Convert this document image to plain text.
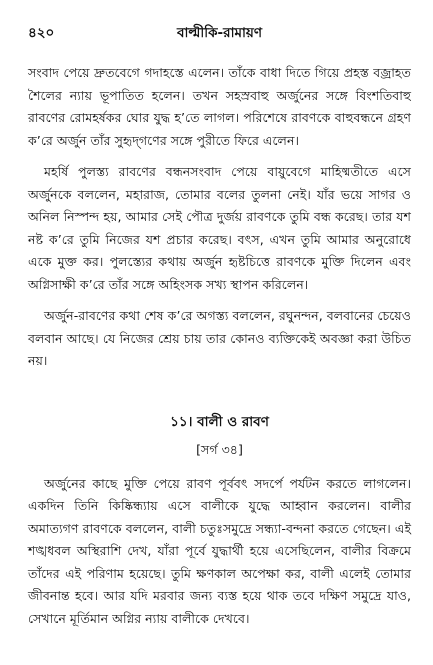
৪২০	বাল্মীকি-রামায়ণ

সংবাদ পেয়ে দ্রুতবেগে গদাহস্তে এলেন। তাঁকে বাধা দিতে গিয়ে প্রহস্ত বজ্রাহত শৈলের ন্যায় ভূপাতিত হলেন। তখন সহস্রবাহু অর্জুনের সঙ্গে বিংশতিবাহু রাবণের রোমহর্ষকর ঘোর যুদ্ধ হ’তে লাগল। পরিশেষে রাবণকে বাহুবন্ধনে গ্রহণ ক’রে অর্জুন তাঁর সুহৃদ্‌গণের সঙ্গে পুরীতে ফিরে এলেন।

মহর্ষি পুলস্ত্য রাবণের বন্ধনসংবাদ পেয়ে বায়ুবেগে মাহিষ্মতীতে এসে অর্জুনকে বললেন, মহারাজ, তোমার বলের তুলনা নেই। যাঁর ভয়ে সাগর ও অনিল নিস্পন্দ হয়, আমার সেই পৌত্র দুর্জয় রাবণকে তুমি বন্ধ করেছ। তার যশ নষ্ট ক’রে তুমি নিজের যশ প্রচার করেছ। বৎস, এখন তুমি আমার অনুরোধে একে মুক্ত কর। পুলস্ত্যের কথায় অর্জুন হৃষ্টচিত্তে রাবণকে মুক্তি দিলেন এবং অগ্নিসাক্ষী ক’রে তাঁর সঙ্গে অহিংসক সখ্য স্থাপন করিলেন।

অর্জুন-রাবণের কথা শেষ ক’রে অগস্ত্য বললেন, রঘুনন্দন, বলবানের চেয়েও বলবান আছে। যে নিজের শ্রেয় চায় তার কোনও ব্যক্তিকেই অবজ্ঞা করা উচিত নয়।

১১। বালী ও রাবণ
[সর্গ ৩৪]

অর্জুনের কাছে মুক্তি পেয়ে রাবণ পূর্ববৎ সদর্পে পর্যটন করতে লাগলেন। একদিন তিনি কিষ্কিন্ধ্যায় এসে বালীকে যুদ্ধে আহ্বান করলেন। বালীর অমাত্যগণ রাবণকে বললেন, বালী চতুঃসমুদ্রে সন্ধ্যা-বন্দনা করতে গেছেন। এই শঙ্খধবল অস্থিরাশি দেখ, যাঁরা পূর্বে যুদ্ধার্থী হয়ে এসেছিলেন, বালীর বিক্রমে তাঁদের এই পরিণাম হয়েছে। তুমি ক্ষণকাল অপেক্ষা কর, বালী এলেই তোমার জীবনান্ত হবে। আর যদি মরবার জন্য ব্যস্ত হয়ে থাক তবে দক্ষিণ সমুদ্রে যাও, সেখানে মূর্তিমান অগ্নির ন্যায় বালীকে দেখবে।
